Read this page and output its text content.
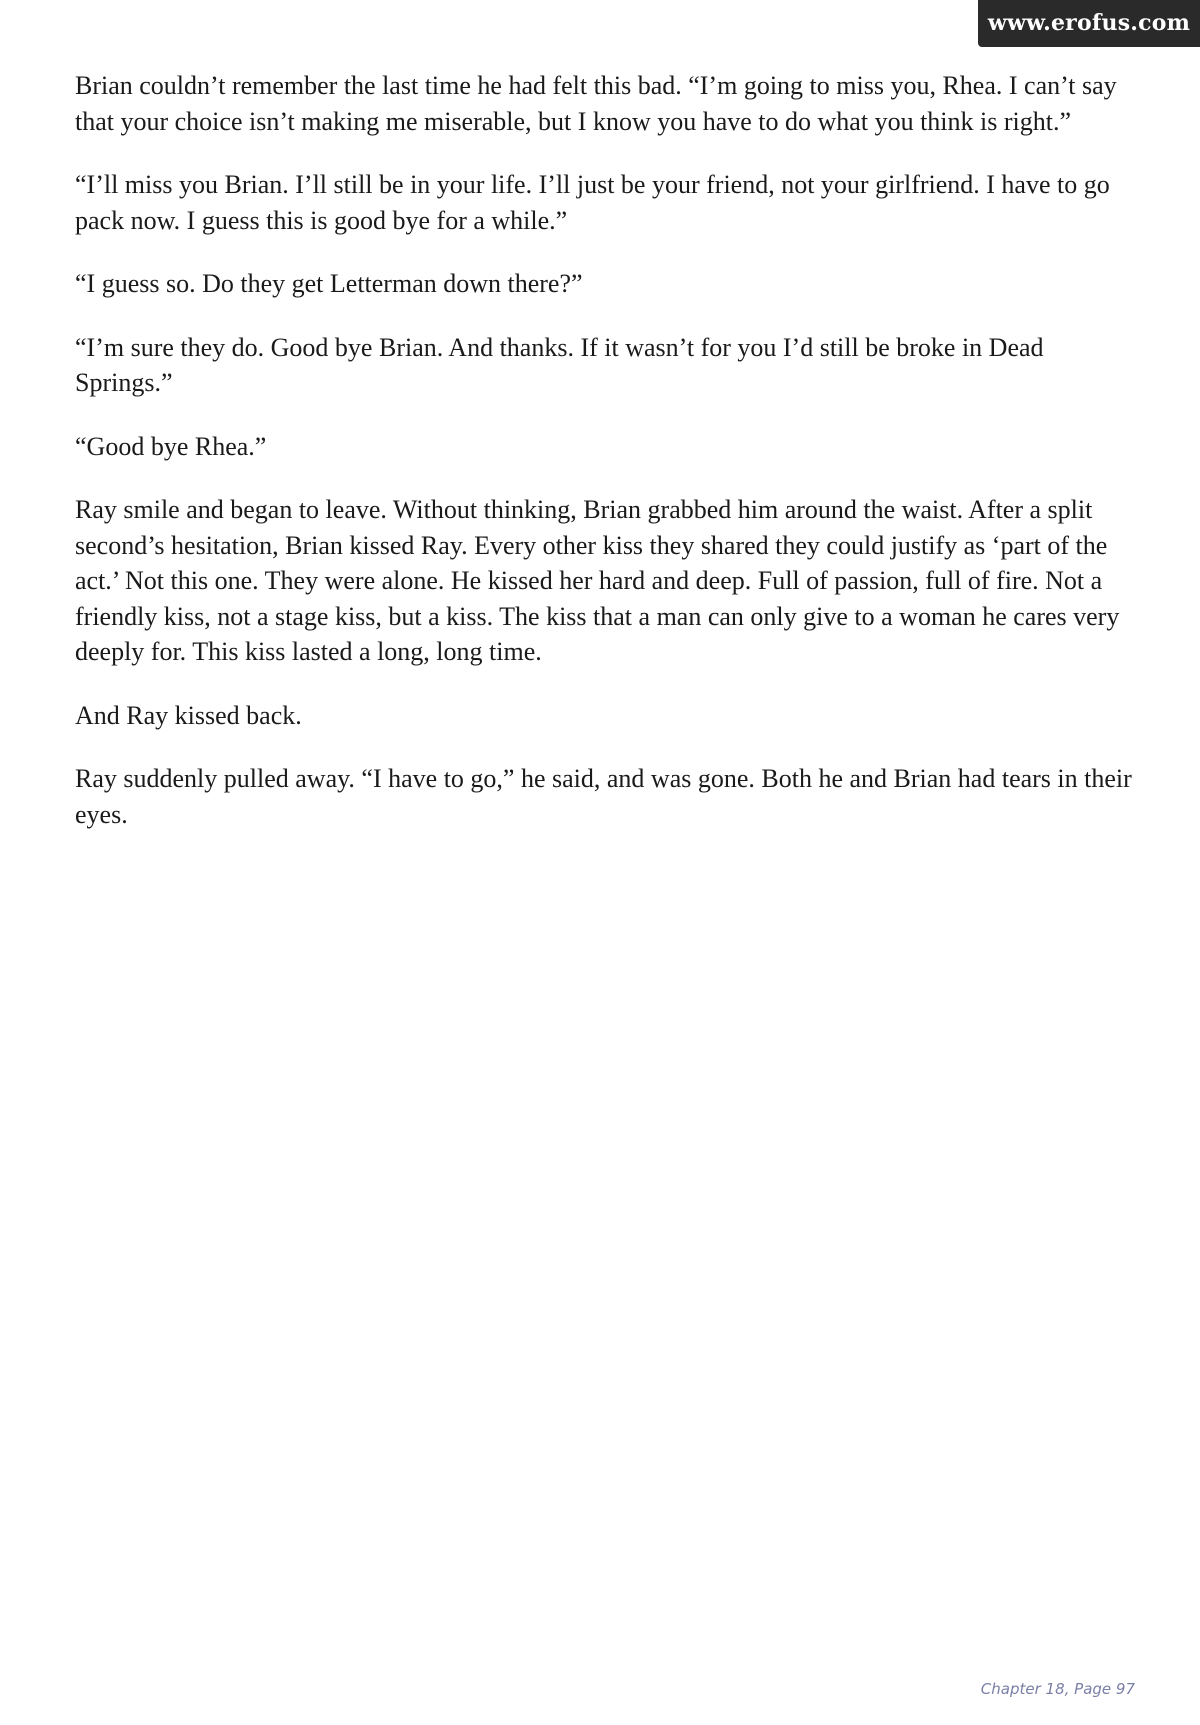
www.erofus.com

Brian couldn’t remember the last time he had felt this bad. “I’m going to miss you, Rhea. I can’t say that your choice isn’t making me miserable, but I know you have to do what you think is right.”

“I’ll miss you Brian. I’ll still be in your life. I’ll just be your friend, not your girlfriend. I have to go pack now. I guess this is good bye for a while.”

“I guess so. Do they get Letterman down there?”

“I’m sure they do. Good bye Brian. And thanks. If it wasn’t for you I’d still be broke in Dead Springs.”

“Good bye Rhea.”

Ray smile and began to leave. Without thinking, Brian grabbed him around the waist. After a split second’s hesitation, Brian kissed Ray. Every other kiss they shared they could justify as ‘part of the act.’ Not this one. They were alone. He kissed her hard and deep. Full of passion, full of fire. Not a friendly kiss, not a stage kiss, but a kiss. The kiss that a man can only give to a woman he cares very deeply for. This kiss lasted a long, long time.

And Ray kissed back.

Ray suddenly pulled away. “I have to go,” he said, and was gone. Both he and Brian had tears in their eyes.

Chapter 18, Page 97
